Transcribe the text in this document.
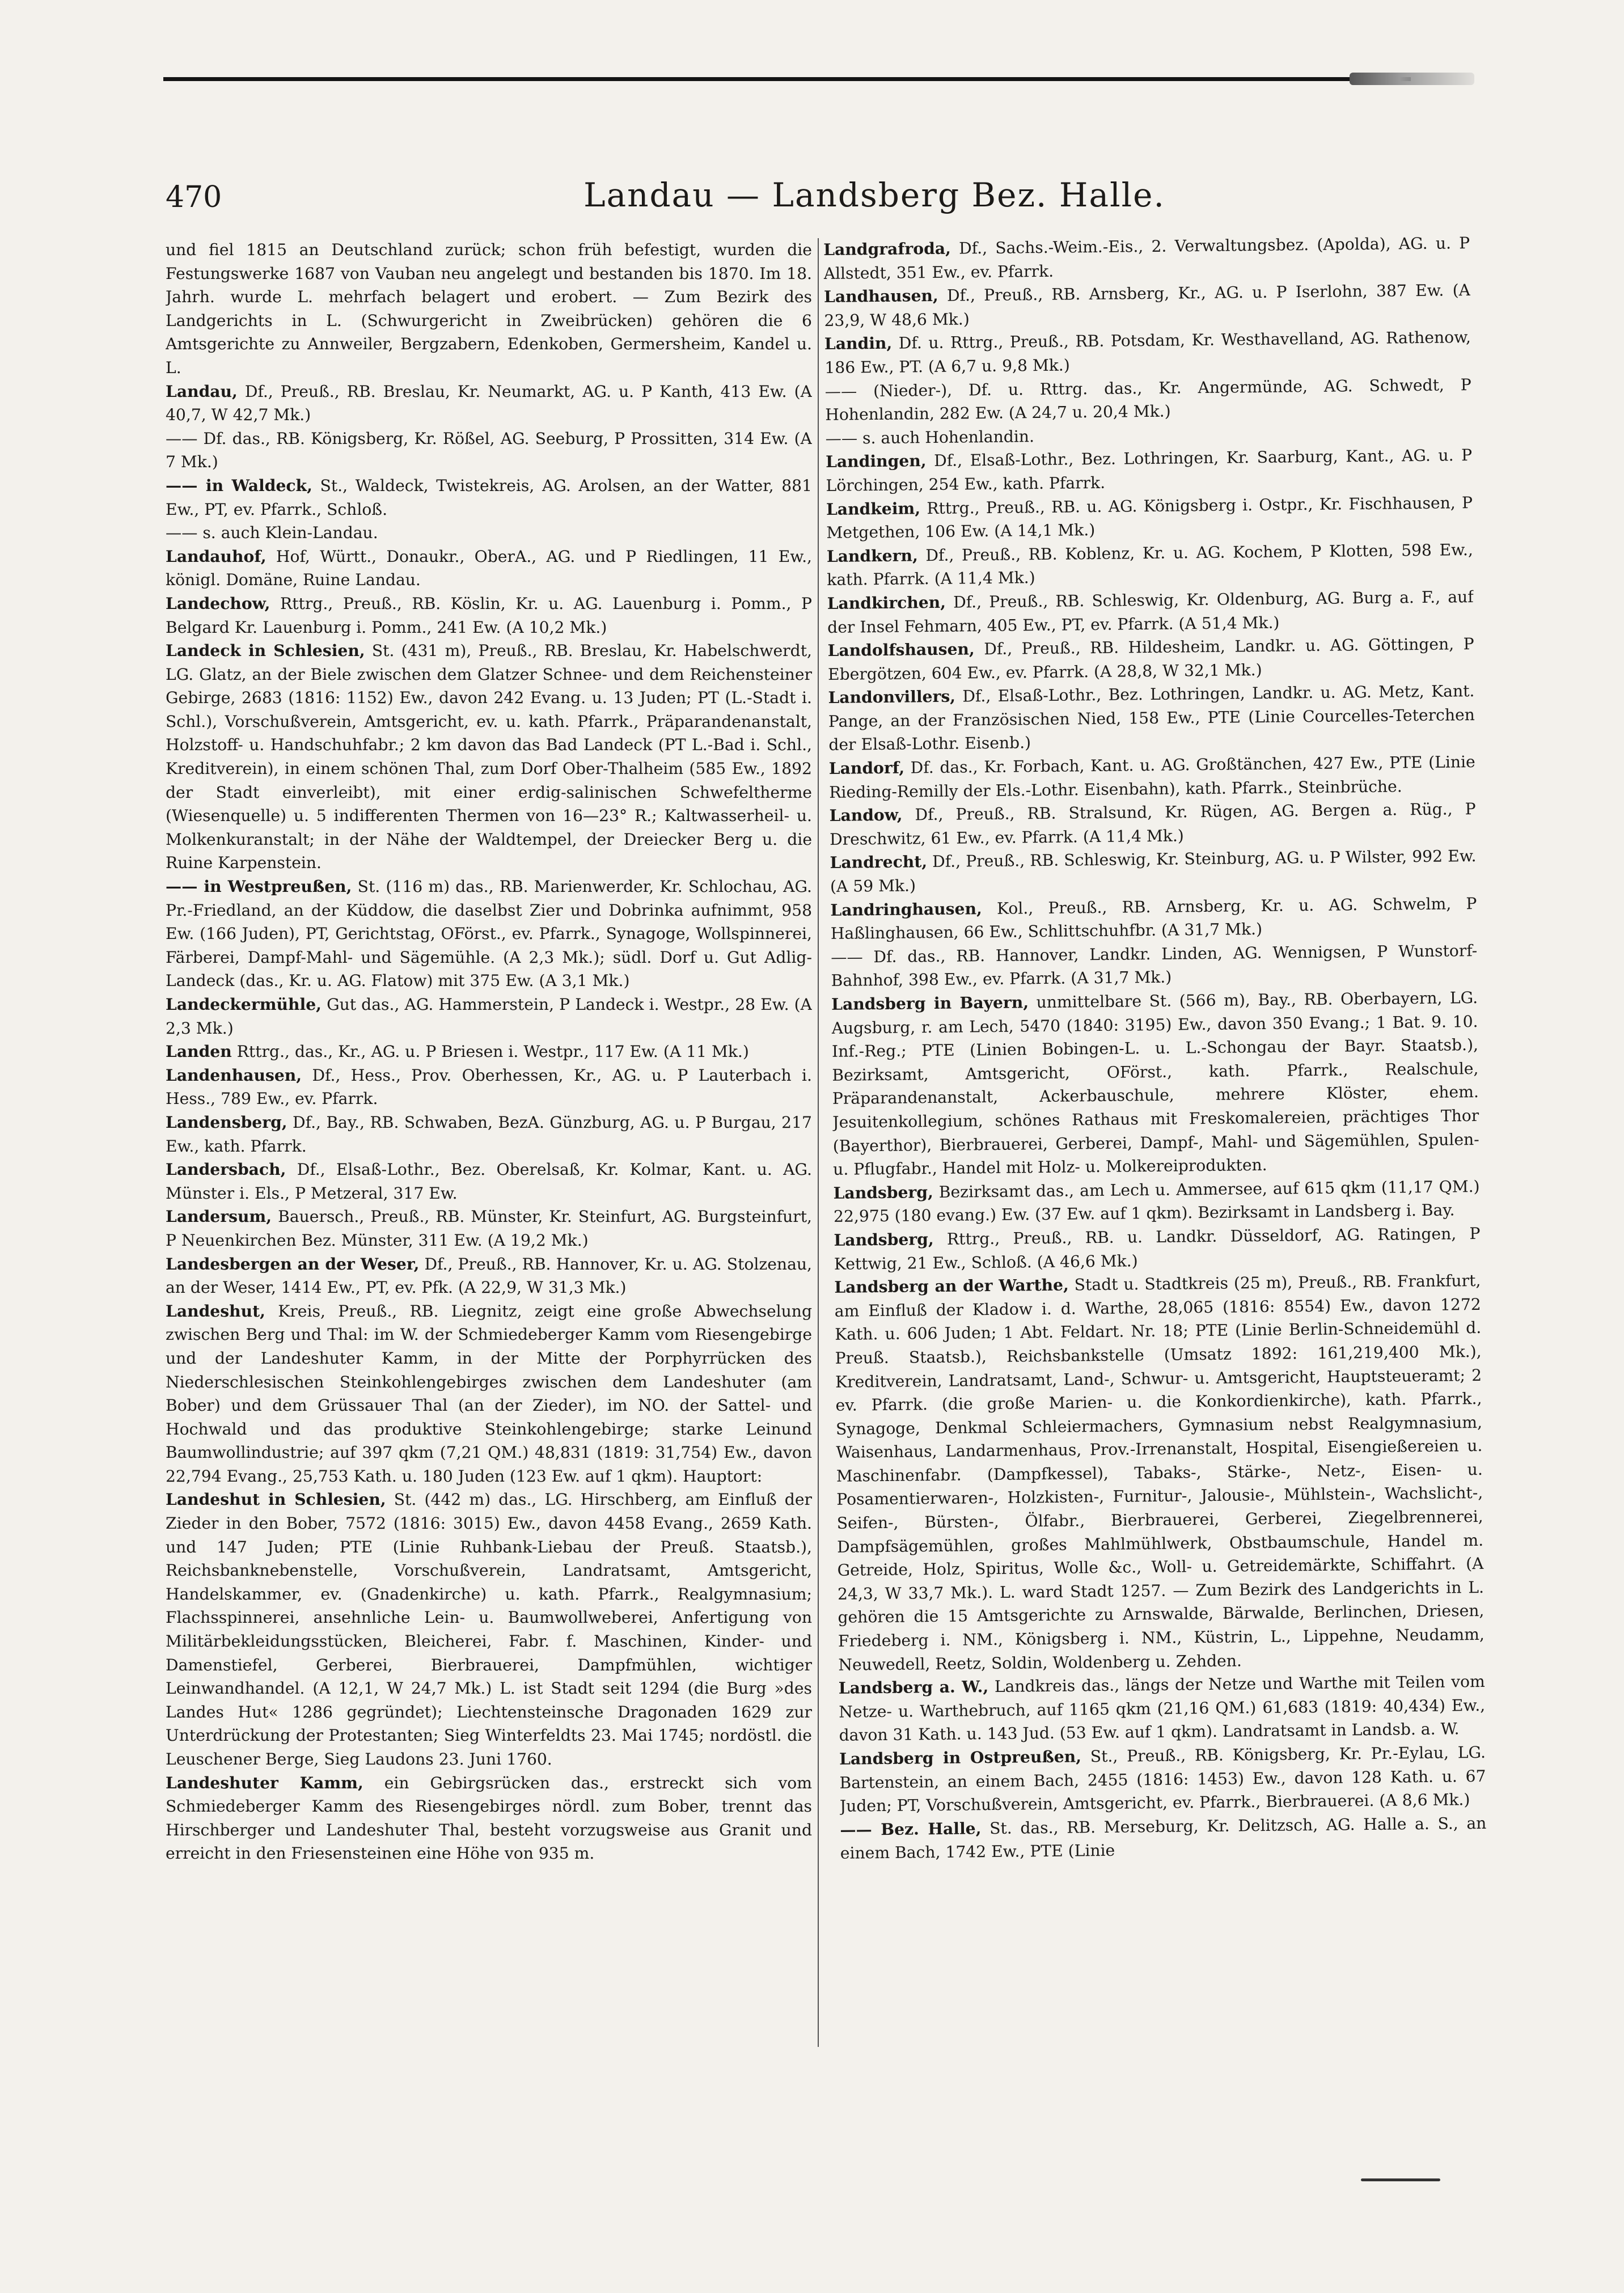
470	Landau — Landsberg Bez. Halle.

und fiel 1815 an Deutschland zurück; schon früh befestigt, wurden die Festungswerke 1687 von Vauban neu angelegt und bestanden bis 1870. Im 18. Jahrh. wurde L. mehrfach belagert und erobert. — Zum Bezirk des Landgerichts in L. (Schwurgericht in Zweibrücken) gehören die 6 Amtsgerichte zu Annweiler, Bergzabern, Edenkoben, Germersheim, Kandel u. L.

Landau, Df., Preuß., RB. Breslau, Kr. Neumarkt, AG. u. P Kanth, 413 Ew. (A 40,7, W 42,7 Mk.)

—— Df. das., RB. Königsberg, Kr. Rößel, AG. Seeburg, P Prossitten, 314 Ew. (A 7 Mk.)

—— in Waldeck, St., Waldeck, Twistekreis, AG. Arolsen, an der Watter, 881 Ew., PT, ev. Pfarrk., Schloß.

—— s. auch Klein-Landau.

Landauhof, Hof, Württ., Donaukr., OberA., AG. und P Riedlingen, 11 Ew., königl. Domäne, Ruine Landau.

Landechow, Rttrg., Preuß., RB. Köslin, Kr. u. AG. Lauenburg i. Pomm., P Belgard Kr. Lauenburg i. Pomm., 241 Ew. (A 10,2 Mk.)

Landeck in Schlesien, St. (431 m), Preuß., RB. Breslau, Kr. Habelschwerdt, LG. Glatz, an der Biele zwischen dem Glatzer Schnee- und dem Reichensteiner Gebirge, 2683 (1816: 1152) Ew., davon 242 Evang. u. 13 Juden; PT (L.-Stadt i. Schl.), Vorschußverein, Amtsgericht, ev. u. kath. Pfarrk., Präparandenanstalt, Holzstoff- u. Handschuhfabr.; 2 km davon das Bad Landeck (PT L.-Bad i. Schl., Kreditverein), in einem schönen Thal, zum Dorf Ober-Thalheim (585 Ew., 1892 der Stadt einverleibt), mit einer erdig-salinischen Schwefeltherme (Wiesenquelle) u. 5 indifferenten Thermen von 16—23° R.; Kaltwasserheil- u. Molkenkuranstalt; in der Nähe der Waldtempel, der Dreiecker Berg u. die Ruine Karpenstein.

—— in Westpreußen, St. (116 m) das., RB. Marienwerder, Kr. Schlochau, AG. Pr.-Friedland, an der Küddow, die daselbst Zier und Dobrinka aufnimmt, 958 Ew. (166 Juden), PT, Gerichtstag, OFörst., ev. Pfarrk., Synagoge, Wollspinnerei, Färberei, Dampf-Mahl- und Sägemühle. (A 2,3 Mk.); südl. Dorf u. Gut Adlig-Landeck (das., Kr. u. AG. Flatow) mit 375 Ew. (A 3,1 Mk.)

Landeckermühle, Gut das., AG. Hammerstein, P Landeck i. Westpr., 28 Ew. (A 2,3 Mk.)

Landen Rttrg., das., Kr., AG. u. P Briesen i. Westpr., 117 Ew. (A 11 Mk.)

Landenhausen, Df., Hess., Prov. Oberhessen, Kr., AG. u. P Lauterbach i. Hess., 789 Ew., ev. Pfarrk.

Landensberg, Df., Bay., RB. Schwaben, BezA. Günzburg, AG. u. P Burgau, 217 Ew., kath. Pfarrk.

Landersbach, Df., Elsaß-Lothr., Bez. Oberelsaß, Kr. Kolmar, Kant. u. AG. Münster i. Els., P Metzeral, 317 Ew.

Landersum, Bauersch., Preuß., RB. Münster, Kr. Steinfurt, AG. Burgsteinfurt, P Neuenkirchen Bez. Münster, 311 Ew. (A 19,2 Mk.)

Landesbergen an der Weser, Df., Preuß., RB. Hannover, Kr. u. AG. Stolzenau, an der Weser, 1414 Ew., PT, ev. Pfk. (A 22,9, W 31,3 Mk.)

Landeshut, Kreis, Preuß., RB. Liegnitz, zeigt eine große Abwechselung zwischen Berg und Thal: im W. der Schmiedeberger Kamm vom Riesengebirge und der Landeshuter Kamm, in der Mitte der Porphyrrücken des Niederschlesischen Steinkohlengebirges zwischen dem Landeshuter (am Bober) und dem Grüssauer Thal (an der Zieder), im NO. der Sattel- und Hochwald und das produktive Steinkohlengebirge; starke Leinund Baumwollindustrie; auf 397 qkm (7,21 QM.) 48,831 (1819: 31,754) Ew., davon 22,794 Evang., 25,753 Kath. u. 180 Juden (123 Ew. auf 1 qkm). Hauptort:

Landeshut in Schlesien, St. (442 m) das., LG. Hirschberg, am Einfluß der Zieder in den Bober, 7572 (1816: 3015) Ew., davon 4458 Evang., 2659 Kath. und 147 Juden; PTE (Linie Ruhbank-Liebau der Preuß. Staatsb.), Reichsbanknebenstelle, Vorschußverein, Landratsamt, Amtsgericht, Handelskammer, ev. (Gnadenkirche) u. kath. Pfarrk., Realgymnasium; Flachsspinnerei, ansehnliche Lein- u. Baumwollweberei, Anfertigung von Militärbekleidungsstücken, Bleicherei, Fabr. f. Maschinen, Kinder- und Damenstiefel, Gerberei, Bierbrauerei, Dampfmühlen, wichtiger Leinwandhandel. (A 12,1, W 24,7 Mk.) L. ist Stadt seit 1294 (die Burg »des Landes Hut« 1286 gegründet); Liechtensteinsche Dragonaden 1629 zur Unterdrückung der Protestanten; Sieg Winterfeldts 23. Mai 1745; nordöstl. die Leuschener Berge, Sieg Laudons 23. Juni 1760.

Landeshuter Kamm, ein Gebirgsrücken das., erstreckt sich vom Schmiedeberger Kamm des Riesengebirges nördl. zum Bober, trennt das Hirschberger und Landeshuter Thal, besteht vorzugsweise aus Granit und erreicht in den Friesensteinen eine Höhe von 935 m.

Landgrafroda, Df., Sachs.-Weim.-Eis., 2. Verwaltungsbez. (Apolda), AG. u. P Allstedt, 351 Ew., ev. Pfarrk.

Landhausen, Df., Preuß., RB. Arnsberg, Kr., AG. u. P Iserlohn, 387 Ew. (A 23,9, W 48,6 Mk.)

Landin, Df. u. Rttrg., Preuß., RB. Potsdam, Kr. Westhavelland, AG. Rathenow, 186 Ew., PT. (A 6,7 u. 9,8 Mk.)

—— (Nieder-), Df. u. Rttrg. das., Kr. Angermünde, AG. Schwedt, P Hohenlandin, 282 Ew. (A 24,7 u. 20,4 Mk.)

—— s. auch Hohenlandin.

Landingen, Df., Elsaß-Lothr., Bez. Lothringen, Kr. Saarburg, Kant., AG. u. P Lörchingen, 254 Ew., kath. Pfarrk.

Landkeim, Rttrg., Preuß., RB. u. AG. Königsberg i. Ostpr., Kr. Fischhausen, P Metgethen, 106 Ew. (A 14,1 Mk.)

Landkern, Df., Preuß., RB. Koblenz, Kr. u. AG. Kochem, P Klotten, 598 Ew., kath. Pfarrk. (A 11,4 Mk.)

Landkirchen, Df., Preuß., RB. Schleswig, Kr. Oldenburg, AG. Burg a. F., auf der Insel Fehmarn, 405 Ew., PT, ev. Pfarrk. (A 51,4 Mk.)

Landolfshausen, Df., Preuß., RB. Hildesheim, Landkr. u. AG. Göttingen, P Ebergötzen, 604 Ew., ev. Pfarrk. (A 28,8, W 32,1 Mk.)

Landonvillers, Df., Elsaß-Lothr., Bez. Lothringen, Landkr. u. AG. Metz, Kant. Pange, an der Französischen Nied, 158 Ew., PTE (Linie Courcelles-Teterchen der Elsaß-Lothr. Eisenb.)

Landorf, Df. das., Kr. Forbach, Kant. u. AG. Großtänchen, 427 Ew., PTE (Linie Rieding-Remilly der Els.-Lothr. Eisenbahn), kath. Pfarrk., Steinbrüche.

Landow, Df., Preuß., RB. Stralsund, Kr. Rügen, AG. Bergen a. Rüg., P Dreschwitz, 61 Ew., ev. Pfarrk. (A 11,4 Mk.)

Landrecht, Df., Preuß., RB. Schleswig, Kr. Steinburg, AG. u. P Wilster, 992 Ew. (A 59 Mk.)

Landringhausen, Kol., Preuß., RB. Arnsberg, Kr. u. AG. Schwelm, P Haßlinghausen, 66 Ew., Schlittschuhfbr. (A 31,7 Mk.)

—— Df. das., RB. Hannover, Landkr. Linden, AG. Wennigsen, P Wunstorf-Bahnhof, 398 Ew., ev. Pfarrk. (A 31,7 Mk.)

Landsberg in Bayern, unmittelbare St. (566 m), Bay., RB. Oberbayern, LG. Augsburg, r. am Lech, 5470 (1840: 3195) Ew., davon 350 Evang.; 1 Bat. 9. 10. Inf.-Reg.; PTE (Linien Bobingen-L. u. L.-Schongau der Bayr. Staatsb.), Bezirksamt, Amtsgericht, OFörst., kath. Pfarrk., Realschule, Präparandenanstalt, Ackerbauschule, mehrere Klöster, ehem. Jesuitenkollegium, schönes Rathaus mit Freskomalereien, prächtiges Thor (Bayerthor), Bierbrauerei, Gerberei, Dampf-, Mahl- und Sägemühlen, Spulen- u. Pflugfabr., Handel mit Holz- u. Molkereiprodukten.

Landsberg, Bezirksamt das., am Lech u. Ammersee, auf 615 qkm (11,17 QM.) 22,975 (180 evang.) Ew. (37 Ew. auf 1 qkm). Bezirksamt in Landsberg i. Bay.

Landsberg, Rttrg., Preuß., RB. u. Landkr. Düsseldorf, AG. Ratingen, P Kettwig, 21 Ew., Schloß. (A 46,6 Mk.)

Landsberg an der Warthe, Stadt u. Stadtkreis (25 m), Preuß., RB. Frankfurt, am Einfluß der Kladow i. d. Warthe, 28,065 (1816: 8554) Ew., davon 1272 Kath. u. 606 Juden; 1 Abt. Feldart. Nr. 18; PTE (Linie Berlin-Schneidemühl d. Preuß. Staatsb.), Reichsbankstelle (Umsatz 1892: 161,219,400 Mk.), Kreditverein, Landratsamt, Land-, Schwur- u. Amtsgericht, Hauptsteueramt; 2 ev. Pfarrk. (die große Marien- u. die Konkordienkirche), kath. Pfarrk., Synagoge, Denkmal Schleiermachers, Gymnasium nebst Realgymnasium, Waisenhaus, Landarmenhaus, Prov.-Irrenanstalt, Hospital, Eisengießereien u. Maschinenfabr. (Dampfkessel), Tabaks-, Stärke-, Netz-, Eisen- u. Posamentierwaren-, Holzkisten-, Furnitur-, Jalousie-, Mühlstein-, Wachslicht-, Seifen-, Bürsten-, Ölfabr., Bierbrauerei, Gerberei, Ziegelbrennerei, Dampfsägemühlen, großes Mahlmühlwerk, Obstbaumschule, Handel m. Getreide, Holz, Spiritus, Wolle &c., Woll- u. Getreidemärkte, Schiffahrt. (A 24,3, W 33,7 Mk.). L. ward Stadt 1257. — Zum Bezirk des Landgerichts in L. gehören die 15 Amtsgerichte zu Arnswalde, Bärwalde, Berlinchen, Driesen, Friedeberg i. NM., Königsberg i. NM., Küstrin, L., Lippehne, Neudamm, Neuwedell, Reetz, Soldin, Woldenberg u. Zehden.

Landsberg a. W., Landkreis das., längs der Netze und Warthe mit Teilen vom Netze- u. Warthebruch, auf 1165 qkm (21,16 QM.) 61,683 (1819: 40,434) Ew., davon 31 Kath. u. 143 Jud. (53 Ew. auf 1 qkm). Landratsamt in Landsb. a. W.

Landsberg in Ostpreußen, St., Preuß., RB. Königsberg, Kr. Pr.-Eylau, LG. Bartenstein, an einem Bach, 2455 (1816: 1453) Ew., davon 128 Kath. u. 67 Juden; PT, Vorschußverein, Amtsgericht, ev. Pfarrk., Bierbrauerei. (A 8,6 Mk.)

—— Bez. Halle, St. das., RB. Merseburg, Kr. Delitzsch, AG. Halle a. S., an einem Bach, 1742 Ew., PTE (Linie
